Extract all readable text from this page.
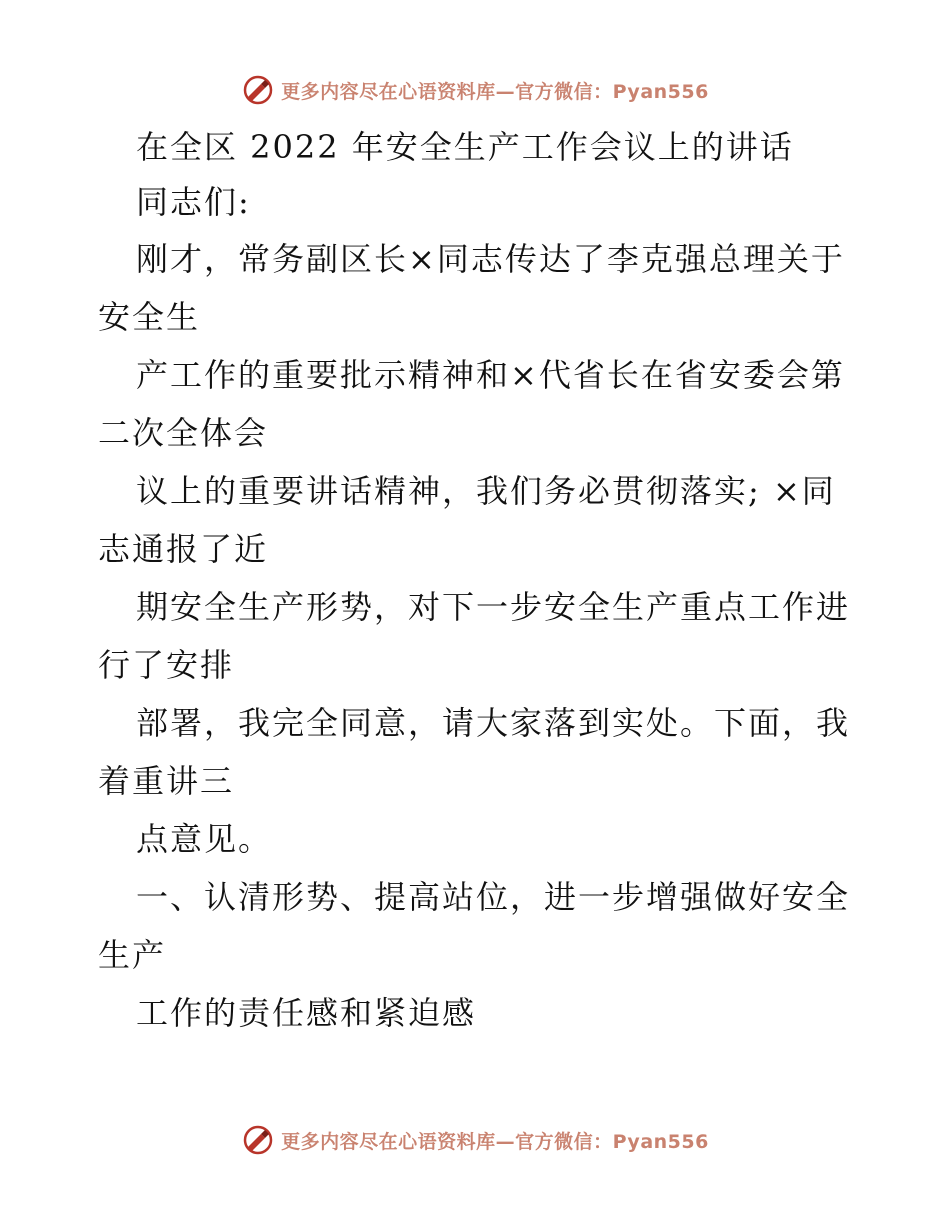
更多内容尽在心语资料库—官方微信：Pyan556
在全区 2022 年安全生产工作会议上的讲话
同志们:
刚才，常务副区长×同志传达了李克强总理关于
安全生
产工作的重要批示精神和×代省长在省安委会第
二次全体会
议上的重要讲话精神，我们务必贯彻落实; ×同
志通报了近
期安全生产形势，对下一步安全生产重点工作进
行了安排
部署，我完全同意，请大家落到实处。下面，我
着重讲三
点意见。
一、认清形势、提高站位，进一步增强做好安全
生产
工作的责任感和紧迫感
更多内容尽在心语资料库—官方微信：Pyan556
